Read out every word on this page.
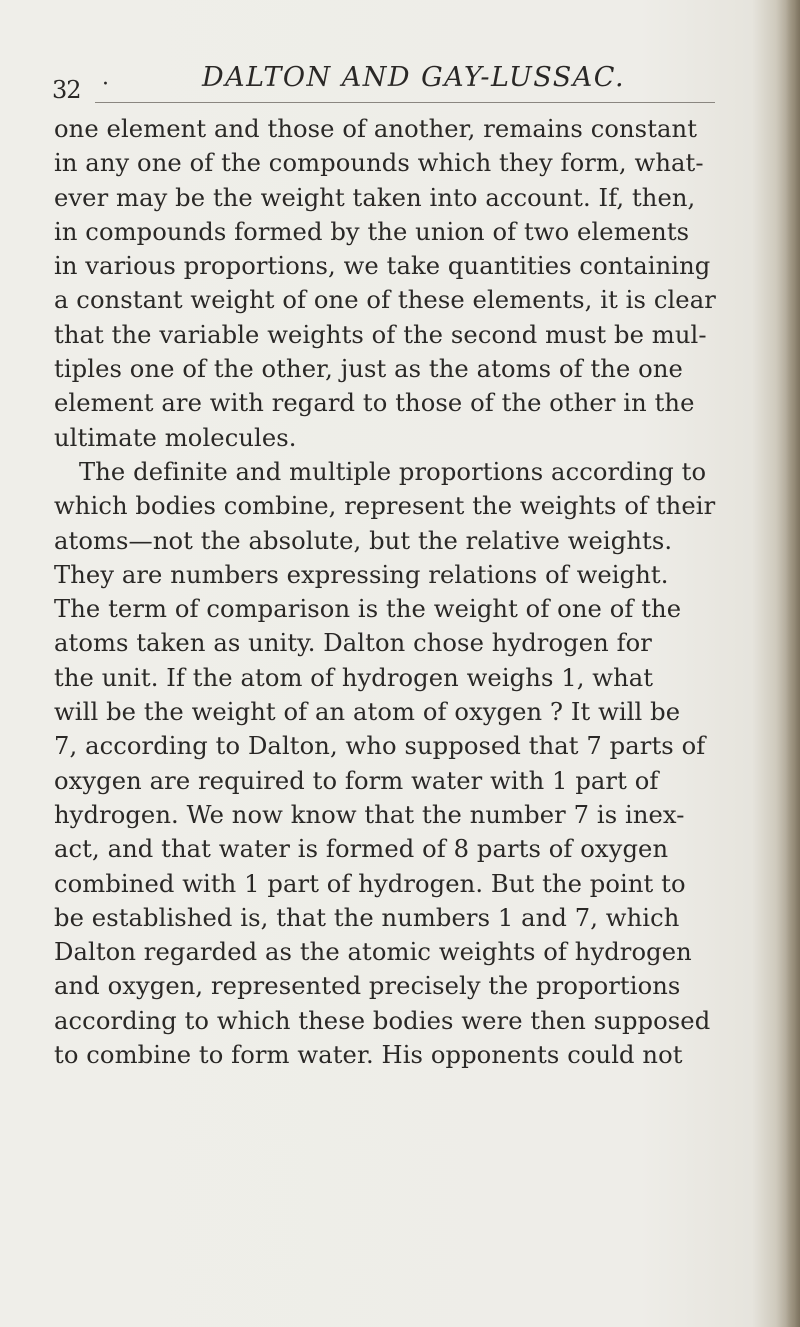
32 ·	DALTON AND GAY-LUSSAC.
one element and those of another, remains constant
in any one of the compounds which they form, what-
ever may be the weight taken into account. If, then,
in compounds formed by the union of two elements
in various proportions, we take quantities containing
a constant weight of one of these elements, it is clear
that the variable weights of the second must be mul-
tiples one of the other, just as the atoms of the one
element are with regard to those of the other in the
ultimate molecules.
The definite and multiple proportions according to
which bodies combine, represent the weights of their
atoms—not the absolute, but the relative weights.
They are numbers expressing relations of weight.
The term of comparison is the weight of one of the
atoms taken as unity. Dalton chose hydrogen for
the unit. If the atom of hydrogen weighs 1, what
will be the weight of an atom of oxygen ? It will be
7, according to Dalton, who supposed that 7 parts of
oxygen are required to form water with 1 part of
hydrogen. We now know that the number 7 is inex-
act, and that water is formed of 8 parts of oxygen
combined with 1 part of hydrogen. But the point to
be established is, that the numbers 1 and 7, which
Dalton regarded as the atomic weights of hydrogen
and oxygen, represented precisely the proportions
according to which these bodies were then supposed
to combine to form water. His opponents could not
